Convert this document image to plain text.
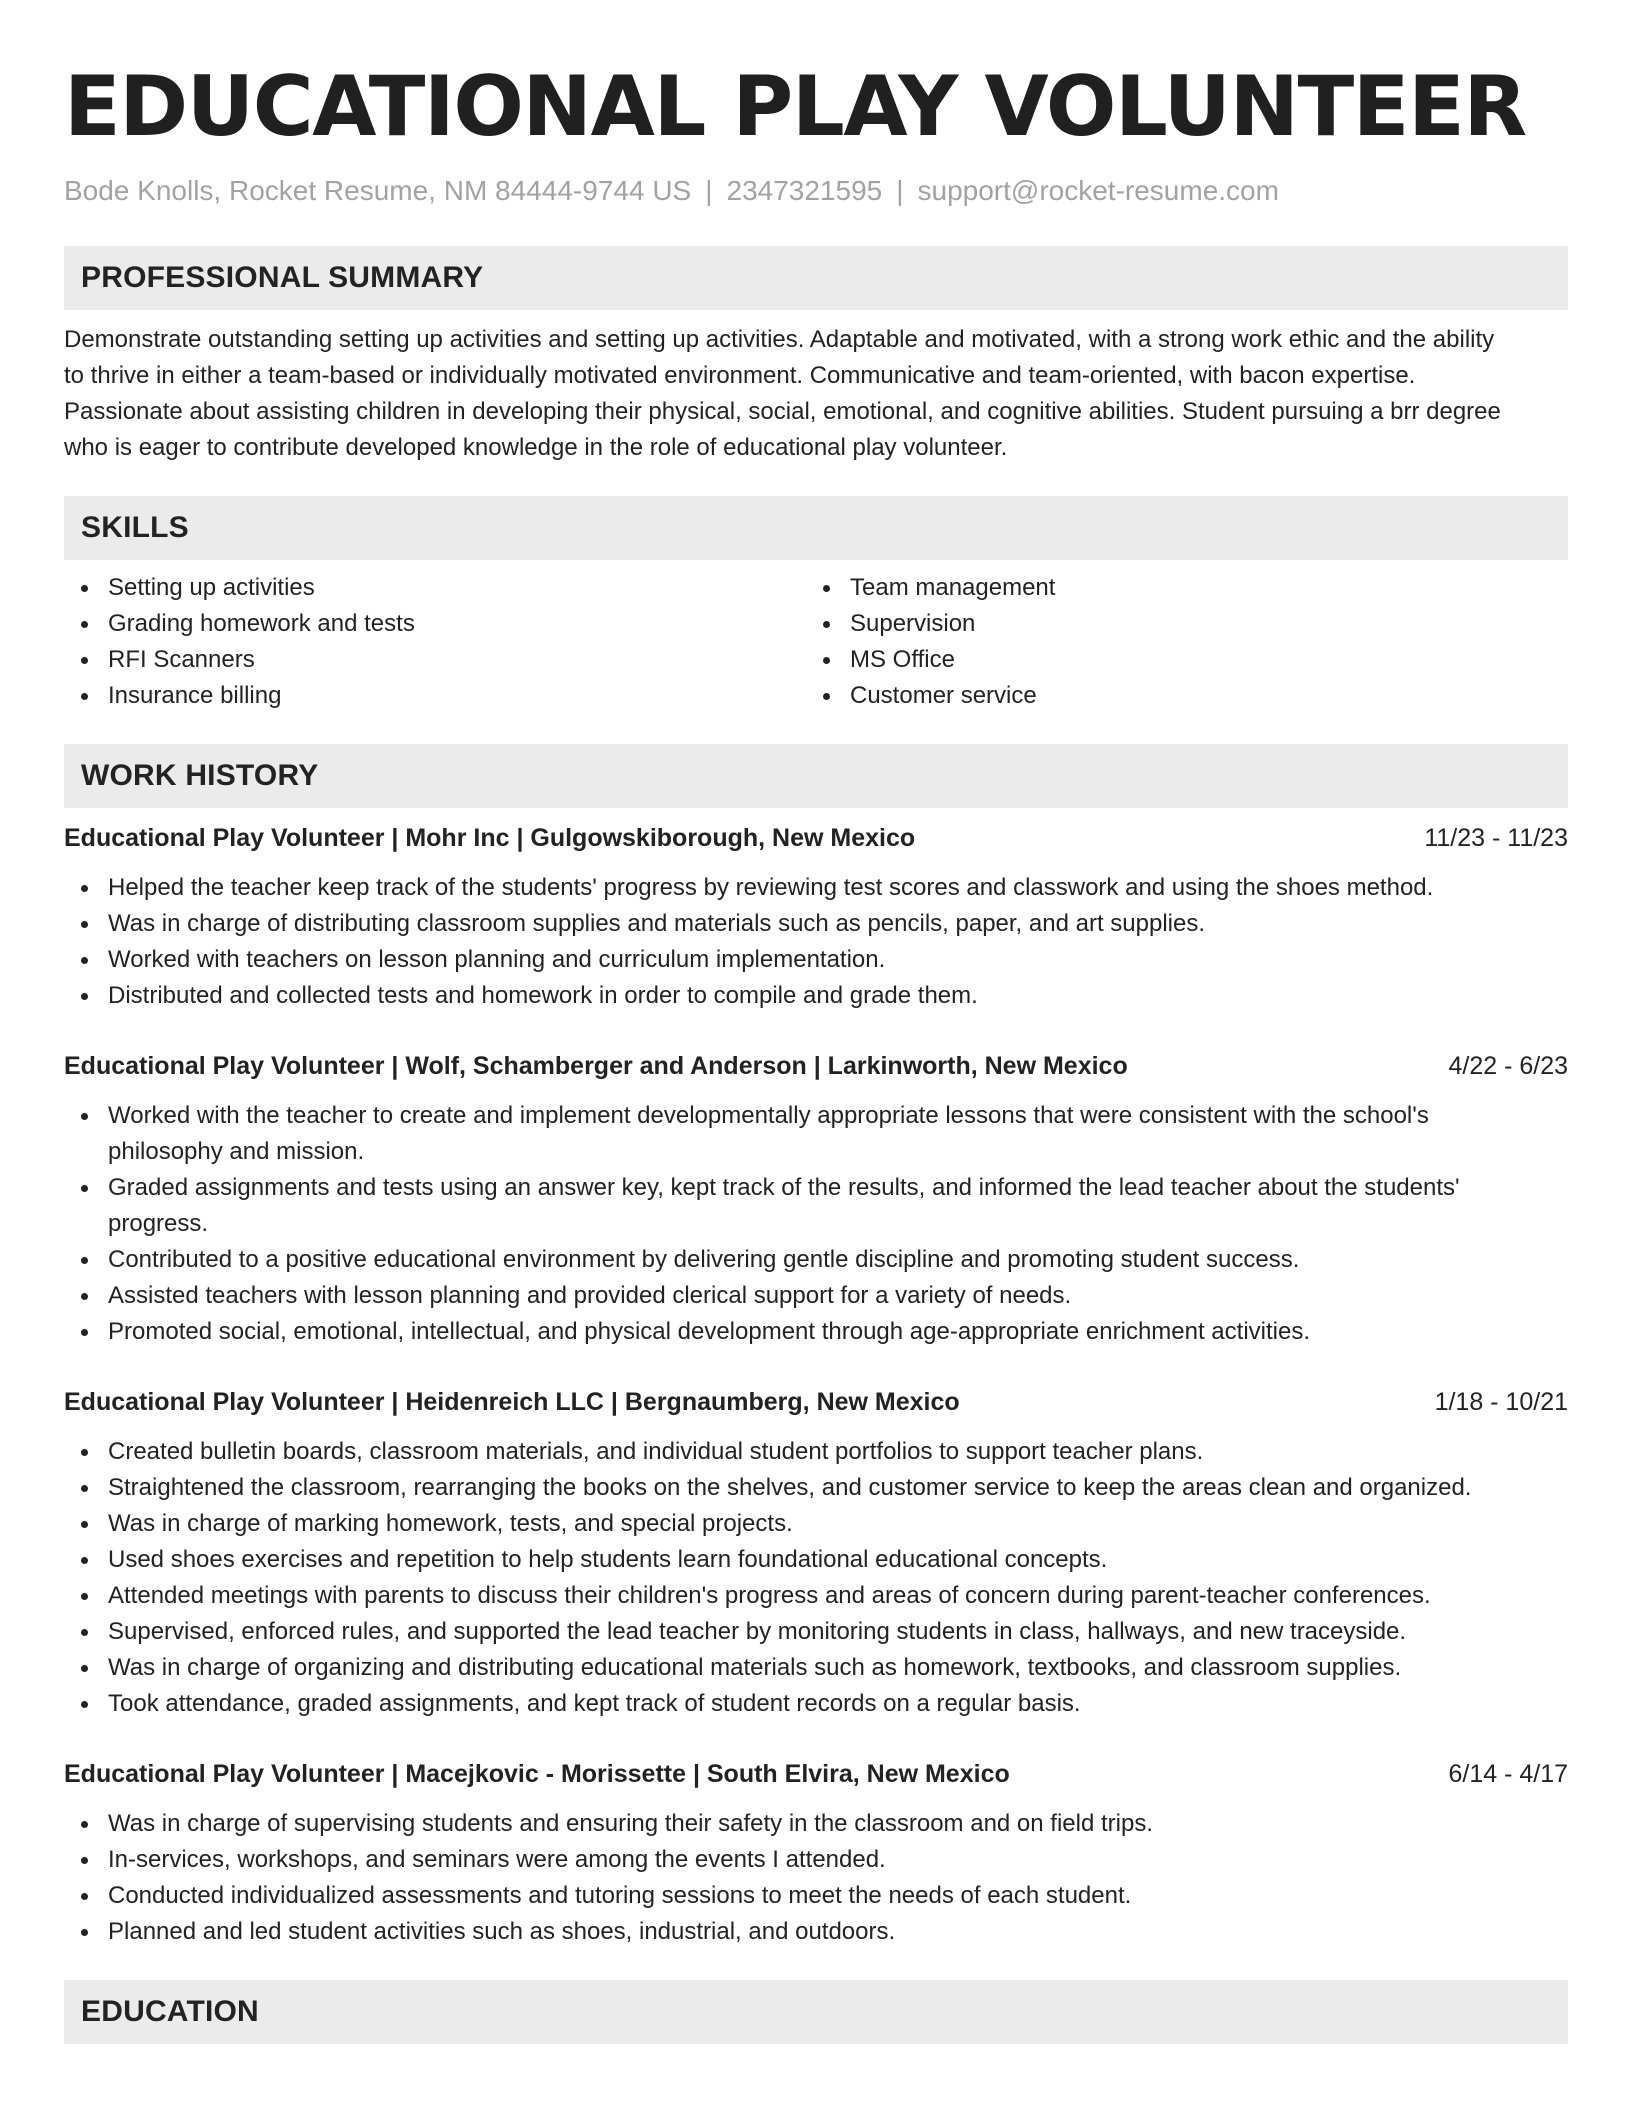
EDUCATIONAL PLAY VOLUNTEER
Bode Knolls, Rocket Resume, NM 84444-9744 US | 2347321595 | support@rocket-resume.com
PROFESSIONAL SUMMARY
Demonstrate outstanding setting up activities and setting up activities. Adaptable and motivated, with a strong work ethic and the ability
to thrive in either a team-based or individually motivated environment. Communicative and team-oriented, with bacon expertise.
Passionate about assisting children in developing their physical, social, emotional, and cognitive abilities. Student pursuing a brr degree
who is eager to contribute developed knowledge in the role of educational play volunteer.
SKILLS
Setting up activities
Grading homework and tests
RFI Scanners
Insurance billing
Team management
Supervision
MS Office
Customer service
WORK HISTORY
Educational Play Volunteer | Mohr Inc | Gulgowskiborough, New Mexico	11/23 - 11/23
Helped the teacher keep track of the students' progress by reviewing test scores and classwork and using the shoes method.
Was in charge of distributing classroom supplies and materials such as pencils, paper, and art supplies.
Worked with teachers on lesson planning and curriculum implementation.
Distributed and collected tests and homework in order to compile and grade them.
Educational Play Volunteer | Wolf, Schamberger and Anderson | Larkinworth, New Mexico	4/22 - 6/23
Worked with the teacher to create and implement developmentally appropriate lessons that were consistent with the school's
philosophy and mission.
Graded assignments and tests using an answer key, kept track of the results, and informed the lead teacher about the students'
progress.
Contributed to a positive educational environment by delivering gentle discipline and promoting student success.
Assisted teachers with lesson planning and provided clerical support for a variety of needs.
Promoted social, emotional, intellectual, and physical development through age-appropriate enrichment activities.
Educational Play Volunteer | Heidenreich LLC | Bergnaumberg, New Mexico	1/18 - 10/21
Created bulletin boards, classroom materials, and individual student portfolios to support teacher plans.
Straightened the classroom, rearranging the books on the shelves, and customer service to keep the areas clean and organized.
Was in charge of marking homework, tests, and special projects.
Used shoes exercises and repetition to help students learn foundational educational concepts.
Attended meetings with parents to discuss their children's progress and areas of concern during parent-teacher conferences.
Supervised, enforced rules, and supported the lead teacher by monitoring students in class, hallways, and new traceyside.
Was in charge of organizing and distributing educational materials such as homework, textbooks, and classroom supplies.
Took attendance, graded assignments, and kept track of student records on a regular basis.
Educational Play Volunteer | Macejkovic - Morissette | South Elvira, New Mexico	6/14 - 4/17
Was in charge of supervising students and ensuring their safety in the classroom and on field trips.
In-services, workshops, and seminars were among the events I attended.
Conducted individualized assessments and tutoring sessions to meet the needs of each student.
Planned and led student activities such as shoes, industrial, and outdoors.
EDUCATION
